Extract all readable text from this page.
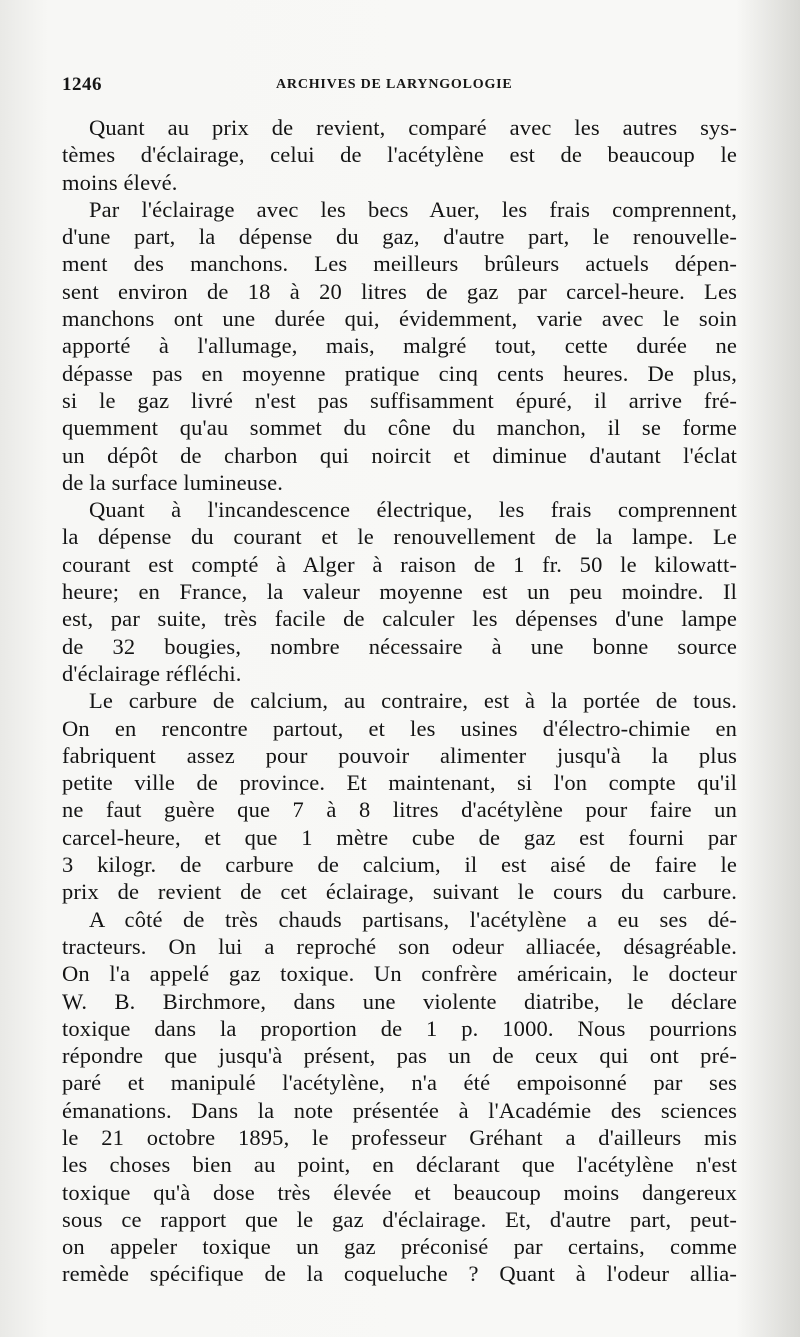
1246	ARCHIVES DE LARYNGOLOGIE
Quant au prix de revient, comparé avec les autres sys-
tèmes d'éclairage, celui de l'acétylène est de beaucoup le
moins élevé.
Par l'éclairage avec les becs Auer, les frais comprennent,
d'une part, la dépense du gaz, d'autre part, le renouvelle-
ment des manchons. Les meilleurs brûleurs actuels dépen-
sent environ de 18 à 20 litres de gaz par carcel-heure. Les
manchons ont une durée qui, évidemment, varie avec le soin
apporté à l'allumage, mais, malgré tout, cette durée ne
dépasse pas en moyenne pratique cinq cents heures. De plus,
si le gaz livré n'est pas suffisamment épuré, il arrive fré-
quemment qu'au sommet du cône du manchon, il se forme
un dépôt de charbon qui noircit et diminue d'autant l'éclat
de la surface lumineuse.
Quant à l'incandescence électrique, les frais comprennent
la dépense du courant et le renouvellement de la lampe. Le
courant est compté à Alger à raison de 1 fr. 50 le kilowatt-
heure; en France, la valeur moyenne est un peu moindre. Il
est, par suite, très facile de calculer les dépenses d'une lampe
de 32 bougies, nombre nécessaire à une bonne source
d'éclairage réfléchi.
Le carbure de calcium, au contraire, est à la portée de tous.
On en rencontre partout, et les usines d'électro-chimie en
fabriquent assez pour pouvoir alimenter jusqu'à la plus
petite ville de province. Et maintenant, si l'on compte qu'il
ne faut guère que 7 à 8 litres d'acétylène pour faire un
carcel-heure, et que 1 mètre cube de gaz est fourni par
3 kilogr. de carbure de calcium, il est aisé de faire le
prix de revient de cet éclairage, suivant le cours du carbure.
A côté de très chauds partisans, l'acétylène a eu ses dé-
tracteurs. On lui a reproché son odeur alliacée, désagréable.
On l'a appelé gaz toxique. Un confrère américain, le docteur
W. B. Birchmore, dans une violente diatribe, le déclare
toxique dans la proportion de 1 p. 1000. Nous pourrions
répondre que jusqu'à présent, pas un de ceux qui ont pré-
paré et manipulé l'acétylène, n'a été empoisonné par ses
émanations. Dans la note présentée à l'Académie des sciences
le 21 octobre 1895, le professeur Gréhant a d'ailleurs mis
les choses bien au point, en déclarant que l'acétylène n'est
toxique qu'à dose très élevée et beaucoup moins dangereux
sous ce rapport que le gaz d'éclairage. Et, d'autre part, peut-
on appeler toxique un gaz préconisé par certains, comme
remède spécifique de la coqueluche ? Quant à l'odeur allia-
